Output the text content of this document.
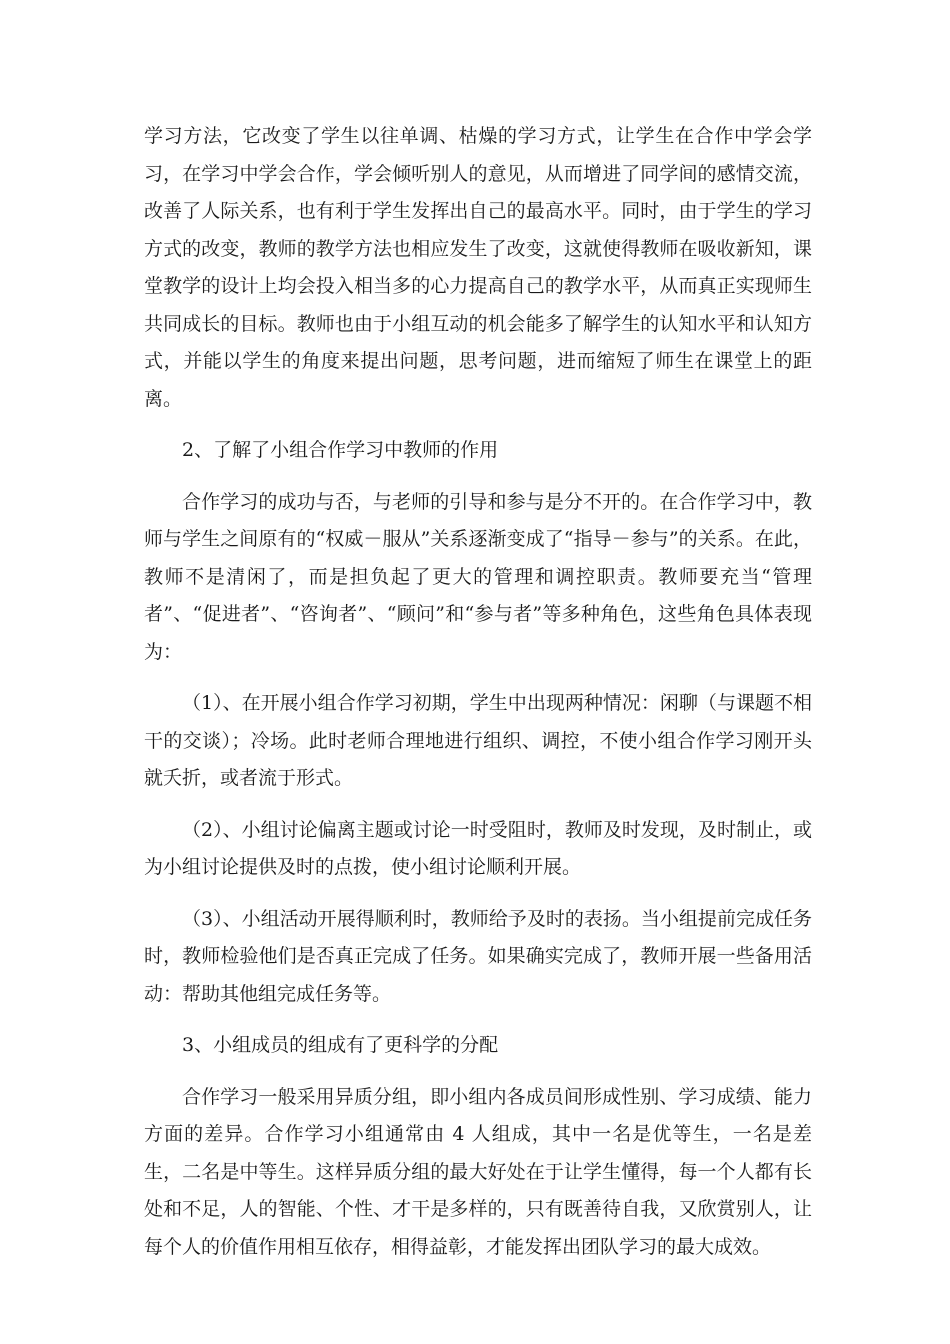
学习方法，它改变了学生以往单调、枯燥的学习方式，让学生在合作中学会学习，在学习中学会合作，学会倾听别人的意见，从而增进了同学间的感情交流，改善了人际关系，也有利于学生发挥出自己的最高水平。同时，由于学生的学习方式的改变，教师的教学方法也相应发生了改变，这就使得教师在吸收新知，课堂教学的设计上均会投入相当多的心力提高自己的教学水平，从而真正实现师生共同成长的目标。教师也由于小组互动的机会能多了解学生的认知水平和认知方式，并能以学生的角度来提出问题，思考问题，进而缩短了师生在课堂上的距离。

2、了解了小组合作学习中教师的作用

合作学习的成功与否，与老师的引导和参与是分不开的。在合作学习中，教师与学生之间原有的“权威－服从”关系逐渐变成了“指导－参与”的关系。在此，教师不是清闲了，而是担负起了更大的管理和调控职责。教师要充当“管理者”、“促进者”、“咨询者”、“顾问”和“参与者”等多种角色，这些角色具体表现为：

（1）、在开展小组合作学习初期，学生中出现两种情况：闲聊（与课题不相干的交谈）；冷场。此时老师合理地进行组织、调控，不使小组合作学习刚开头就夭折，或者流于形式。

（2）、小组讨论偏离主题或讨论一时受阻时，教师及时发现，及时制止，或为小组讨论提供及时的点拨，使小组讨论顺利开展。

（3）、小组活动开展得顺利时，教师给予及时的表扬。当小组提前完成任务时，教师检验他们是否真正完成了任务。如果确实完成了，教师开展一些备用活动：帮助其他组完成任务等。

3、小组成员的组成有了更科学的分配

合作学习一般采用异质分组，即小组内各成员间形成性别、学习成绩、能力方面的差异。合作学习小组通常由 4 人组成，其中一名是优等生，一名是差生，二名是中等生。这样异质分组的最大好处在于让学生懂得，每一个人都有长处和不足，人的智能、个性、才干是多样的，只有既善待自我，又欣赏别人，让每个人的价值作用相互依存，相得益彰，才能发挥出团队学习的最大成效。
